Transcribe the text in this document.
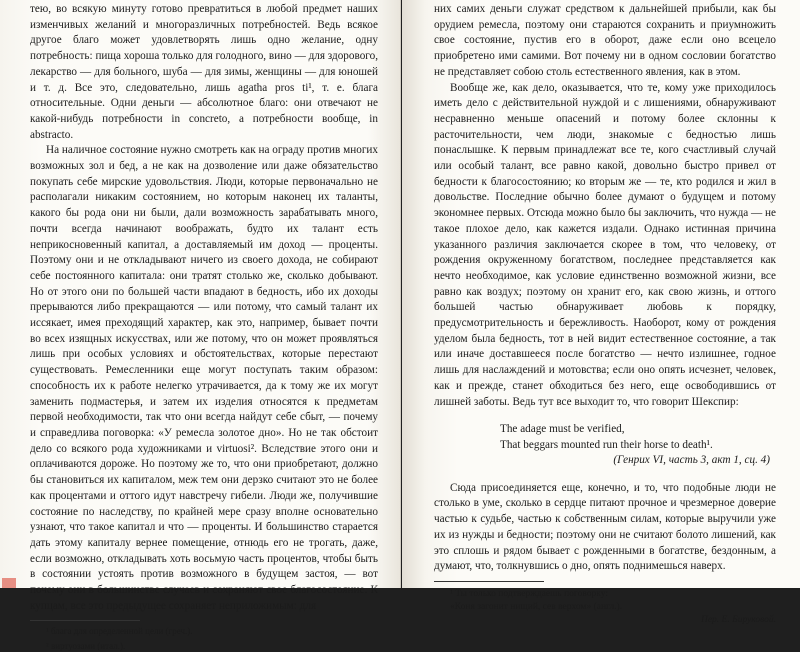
тею, во всякую минуту готово превратиться в любой предмет наших изменчивых желаний и многоразличных потребностей. Ведь всякое другое благо может удовлетворять лишь одно желание, одну потребность: пища хороша только для голодного, вино — для здорового, лекарство — для больного, шуба — для зимы, женщины — для юношей и т. д. Все это, следовательно, лишь agatha pros ti¹, т. е. блага относительные. Одни деньги — абсолютное благо: они отвечают не какой-нибудь потребности in concreto, а потребности вообще, in abstracto.

На наличное состояние нужно смотреть как на ограду против многих возможных зол и бед, а не как на дозволение или даже обязательство покупать себе мирские удовольствия. Люди, которые первоначально не располагали никаким состоянием, но которым наконец их таланты, какого бы рода они ни были, дали возможность зарабатывать много, почти всегда начинают воображать, будто их талант есть неприкосновенный капитал, а доставляемый им доход — проценты. Поэтому они и не откладывают ничего из своего дохода, не собирают себе постоянного капитала: они тратят столько же, сколько добывают. Но от этого они по большей части впадают в бедность, ибо их доходы прерываются либо прекращаются — или потому, что самый талант их иссякает, имея преходящий характер, как это, например, бывает почти во всех изящных искусствах, или же потому, что он может проявляться лишь при особых условиях и обстоятельствах, которые перестают существовать. Ремесленники еще могут поступать таким образом: способность их к работе нелегко утрачивается, да к тому же их могут заменить подмастерья, и затем их изделия относятся к предметам первой необходимости, так что они всегда найдут себе сбыт, — почему и справедлива поговорка: «У ремесла золотое дно». Но не так обстоит дело со всякого рода художниками и virtuosi². Вследствие этого они и оплачиваются дороже. Но поэтому же то, что они приобретают, должно бы становиться их капиталом, меж тем они дерзко считают это не более как процентами и оттого идут навстречу гибели. Люди же, получившие состояние по наследству, по крайней мере сразу вполне основательно узнают, что такое капитал и что — проценты. И большинство старается дать этому капиталу вернее помещение, отнюдь его не трогать, даже, если возможно, откладывать хоть восьмую часть процентов, чтобы быть в состоянии устоять против возможного в будущем застоя, — вот почему они в большинстве случаев и сохраняют свое благосостояние. К купцам, все это предыдущее сохраняет неприложимым: для

¹ блага для определенной цели (греч.).

² виртуозами (итал.).

них самих деньги служат средством к дальнейшей прибыли, как бы орудием ремесла, поэтому они стараются сохранить и приумножить свое состояние, пустив его в оборот, даже если оно всецело приобретено ими самими. Вот почему ни в одном сословии богатство не представляет собою столь естественного явления, как в этом.

Вообще же, как дело, оказывается, что те, кому уже приходилось иметь дело с действительной нуждой и с лишениями, обнаруживают несравненно меньше опасений и потому более склонны к расточительности, чем люди, знакомые с бедностью лишь понаслышке. К первым принадлежат все те, кого счастливый случай или особый талант, все равно какой, довольно быстро привел от бедности к благосостоянию; ко вторым же — те, кто родился и жил в довольстве. Последние обычно более думают о будущем и потому экономнее первых. Отсюда можно было бы заключить, что нужда — не такое плохое дело, как кажется издали. Однако истинная причина указанного различия заключается скорее в том, что человеку, от рождения окруженному богатством, последнее представляется как нечто необходимое, как условие единственно возможной жизни, все равно как воздух; поэтому он хранит его, как свою жизнь, и оттого большей частью обнаруживает любовь к порядку, предусмотрительность и бережливость. Наоборот, кому от рождения уделом была бедность, тот в ней видит естественное состояние, а так или иначе доставшееся после богатство — нечто излишнее, годное лишь для наслаждений и мотовства; если оно опять исчезнет, человек, как и прежде, станет обходиться без него, еще освободившись от лишней заботы. Ведь тут все выходит то, что говорит Шекспир:

The adage must be verified,

That beggars mounted run their horse to death¹.

(Генрих VI, часть 3, акт 1, сц. 4)

Сюда присоединяется еще, конечно, и то, что подобные люди не столько в уме, сколько в сердце питают прочное и чрезмерное доверие частью к судьбе, частью к собственным силам, которые выручили уже их из нужды и бедности; поэтому они не считают болото лишений, как это сплошь и рядом бывает с рожденными в богатстве, бездонным, а думают, что, толкнувшись о дно, опять поднимешься наверх.

¹ Ты только подтверждаешь поговорку:

«Коня загонит нищий, сев верхом» (англ.).

Пер. Е. Бируковой.
